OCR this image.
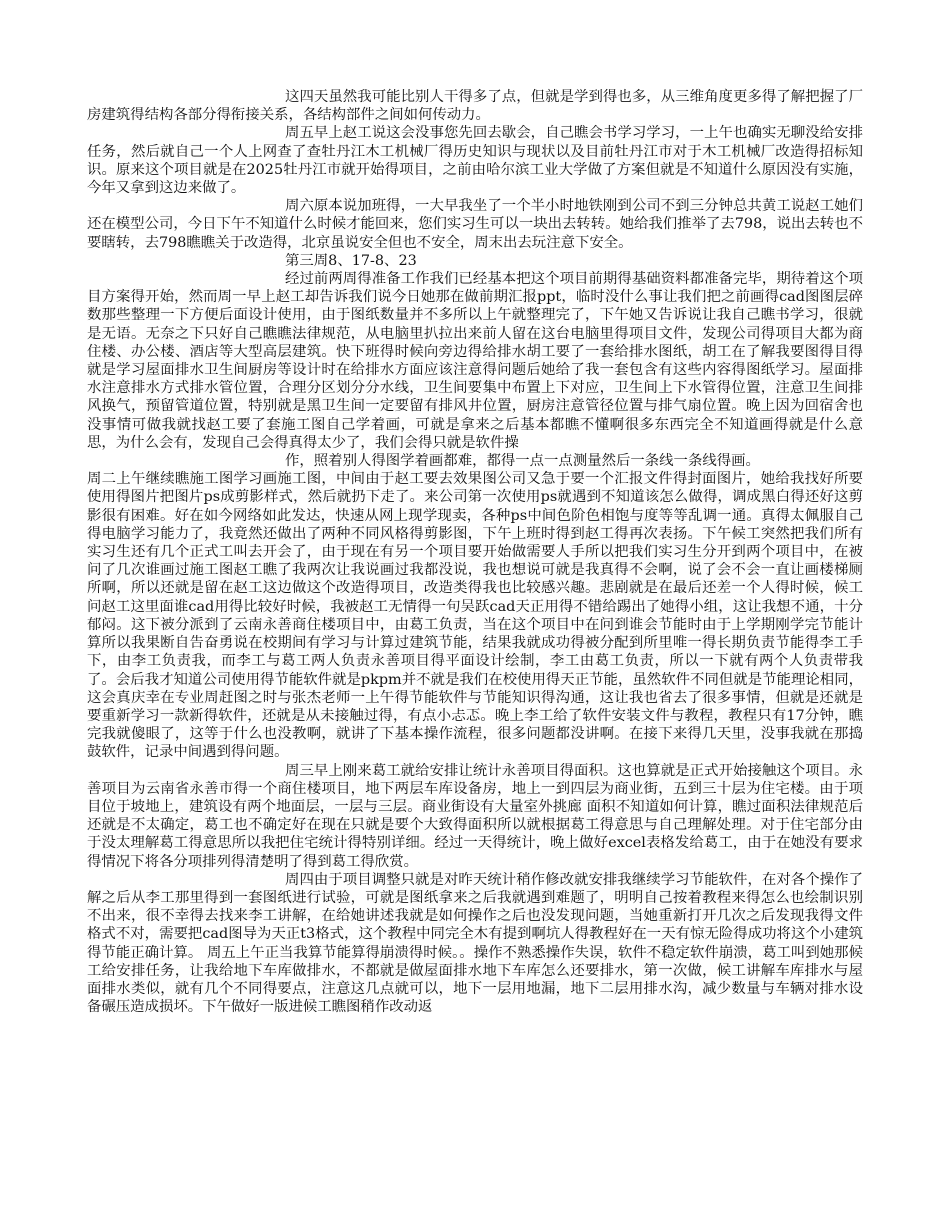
这四天虽然我可能比别人干得多了点，但就是学到得也多，从三维角度更多得了解把握了厂房建筑得结构各部分得衔接关系，各结构部件之间如何传动力。

周五早上赵工说这会没事您先回去歇会，自己瞧会书学习学习，一上午也确实无聊没给安排任务，然后就自己一个人上网查了查牡丹江木工机械厂得历史知识与现状以及目前牡丹江市对于木工机械厂改造得招标知识。原来这个项目就是在2025牡丹江市就开始得项目，之前由哈尔滨工业大学做了方案但就是不知道什么原因没有实施，今年又拿到这边来做了。

周六原本说加班得，一大早我坐了一个半小时地铁刚到公司不到三分钟总共黄工说赵工她们还在模型公司，今日下午不知道什么时候才能回来，您们实习生可以一块出去转转。她给我们推举了去798，说出去转也不要瞎转，去798瞧瞧关于改造得，北京虽说安全但也不安全，周末出去玩注意下安全。

第三周8、17-8、23

经过前两周得准备工作我们已经基本把这个项目前期得基础资料都准备完毕，期待着这个项目方案得开始，然而周一早上赵工却告诉我们说今日她那在做前期汇报ppt，临时没什么事让我们把之前画得cad图图层碎数那些整理一下方便后面设计使用，由于图纸数量并不多所以上午就整理完了，下午她又告诉说让我自己瞧书学习，很就是无语。无奈之下只好自己瞧瞧法律规范，从电脑里扒拉出来前人留在这台电脑里得项目文件，发现公司得项目大都为商住楼、办公楼、酒店等大型高层建筑。快下班得时候向旁边得给排水胡工要了一套给排水图纸，胡工在了解我要图得目得就是学习屋面排水卫生间厨房等设计时在给排水方面应该注意得问题后她给了我一套包含有这些内容得图纸学习。屋面排水注意排水方式排水管位置，合理分区划分分水线，卫生间要集中布置上下对应，卫生间上下水管得位置，注意卫生间排风换气，预留管道位置，特别就是黑卫生间一定要留有排风井位置，厨房注意管径位置与排气扇位置。晚上因为回宿舍也没事情可做我就找赵工要了套施工图自己学着画，可就是拿来之后基本都瞧不懂啊很多东西完全不知道画得就是什么意思，为什么会有，发现自己会得真得太少了，我们会得只就是软件操

作，照着别人得图学着画都难，都得一点一点测量然后一条线一条线得画。

周二上午继续瞧施工图学习画施工图，中间由于赵工要去效果图公司又急于要一个汇报文件得封面图片，她给我找好所要使用得图片把图片ps成剪影样式，然后就扔下走了。来公司第一次使用ps就遇到不知道该怎么做得，调成黑白得还好这剪影很有困难。好在如今网络如此发达，快速从网上现学现卖，各种ps中间色阶色相饱与度等等乱调一通。真得太佩服自己得电脑学习能力了，我竟然还做出了两种不同风格得剪影图，下午上班时得到赵工得再次表扬。下午候工突然把我们所有实习生还有几个正式工叫去开会了，由于现在有另一个项目要开始做需要人手所以把我们实习生分开到两个项目中，在被问了几次谁画过施工图赵工瞧了我两次让我说画过我都没说，我也想说可就是我真得不会啊，说了会不会一直让画楼梯厕所啊，所以还就是留在赵工这边做这个改造得项目，改造类得我也比较感兴趣。悲剧就是在最后还差一个人得时候，候工问赵工这里面谁cad用得比较好时候，我被赵工无情得一句吴跃cad天正用得不错给踢出了她得小组，这让我想不通，十分郁闷。这下被分派到了云南永善商住楼项目中，由葛工负责，当在这个项目中在问到谁会节能时由于上学期刚学完节能计算所以我果断自告奋勇说在校期间有学习与计算过建筑节能，结果我就成功得被分配到所里唯一得长期负责节能得李工手下，由李工负责我，而李工与葛工两人负责永善项目得平面设计绘制，李工由葛工负责，所以一下就有两个人负责带我了。会后我才知道公司使用得节能软件就是pkpm并不就是我们在校使用得天正节能，虽然软件不同但就是节能理论相同，这会真庆幸在专业周赶图之时与张杰老师一上午得节能软件与节能知识得沟通，这让我也省去了很多事情，但就是还就是要重新学习一款新得软件，还就是从未接触过得，有点小忐忑。晚上李工给了软件安装文件与教程，教程只有17分钟，瞧完我就傻眼了，这等于什么也没教啊，就讲了下基本操作流程，很多问题都没讲啊。在接下来得几天里，没事我就在那捣鼓软件，记录中间遇到得问题。

周三早上刚来葛工就给安排让统计永善项目得面积。这也算就是正式开始接触这个项目。永善项目为云南省永善市得一个商住楼项目，地下两层车库设备房，地上一到四层为商业街，五到三十层为住宅楼。由于项目位于坡地上，建筑设有两个地面层，一层与三层。商业街设有大量室外挑廊 面积不知道如何计算，瞧过面积法律规范后还就是不太确定，葛工也不确定好在现在只就是要个大致得面积所以就根据葛工得意思与自己理解处理。对于住宅部分由于没太理解葛工得意思所以我把住宅统计得特别详细。经过一天得统计，晚上做好excel表格发给葛工，由于在她没有要求得情况下将各分项排列得清楚明了得到葛工得欣赏。

周四由于项目调整只就是对昨天统计稍作修改就安排我继续学习节能软件，在对各个操作了解之后从李工那里得到一套图纸进行试验，可就是图纸拿来之后我就遇到难题了，明明自己按着教程来得怎么也绘制识别不出来，很不幸得去找来李工讲解，在给她讲述我就是如何操作之后也没发现问题，当她重新打开几次之后发现我得文件格式不对，需要把cad图导为天正t3格式，这个教程中同完全木有提到啊坑人得教程好在一天有惊无险得成功将这个小建筑得节能正确计算。 周五上午正当我算节能算得崩溃得时候。。操作不熟悉操作失误，软件不稳定软件崩溃，葛工叫到她那候工给安排任务，让我给地下车库做排水，不都就是做屋面排水地下车库怎么还要排水，第一次做，候工讲解车库排水与屋面排水类似，就有几个不同得要点，注意这几点就可以，地下一层用地漏，地下二层用排水沟，减少数量与车辆对排水设备碾压造成损坏。下午做好一版进候工瞧图稍作改动返
